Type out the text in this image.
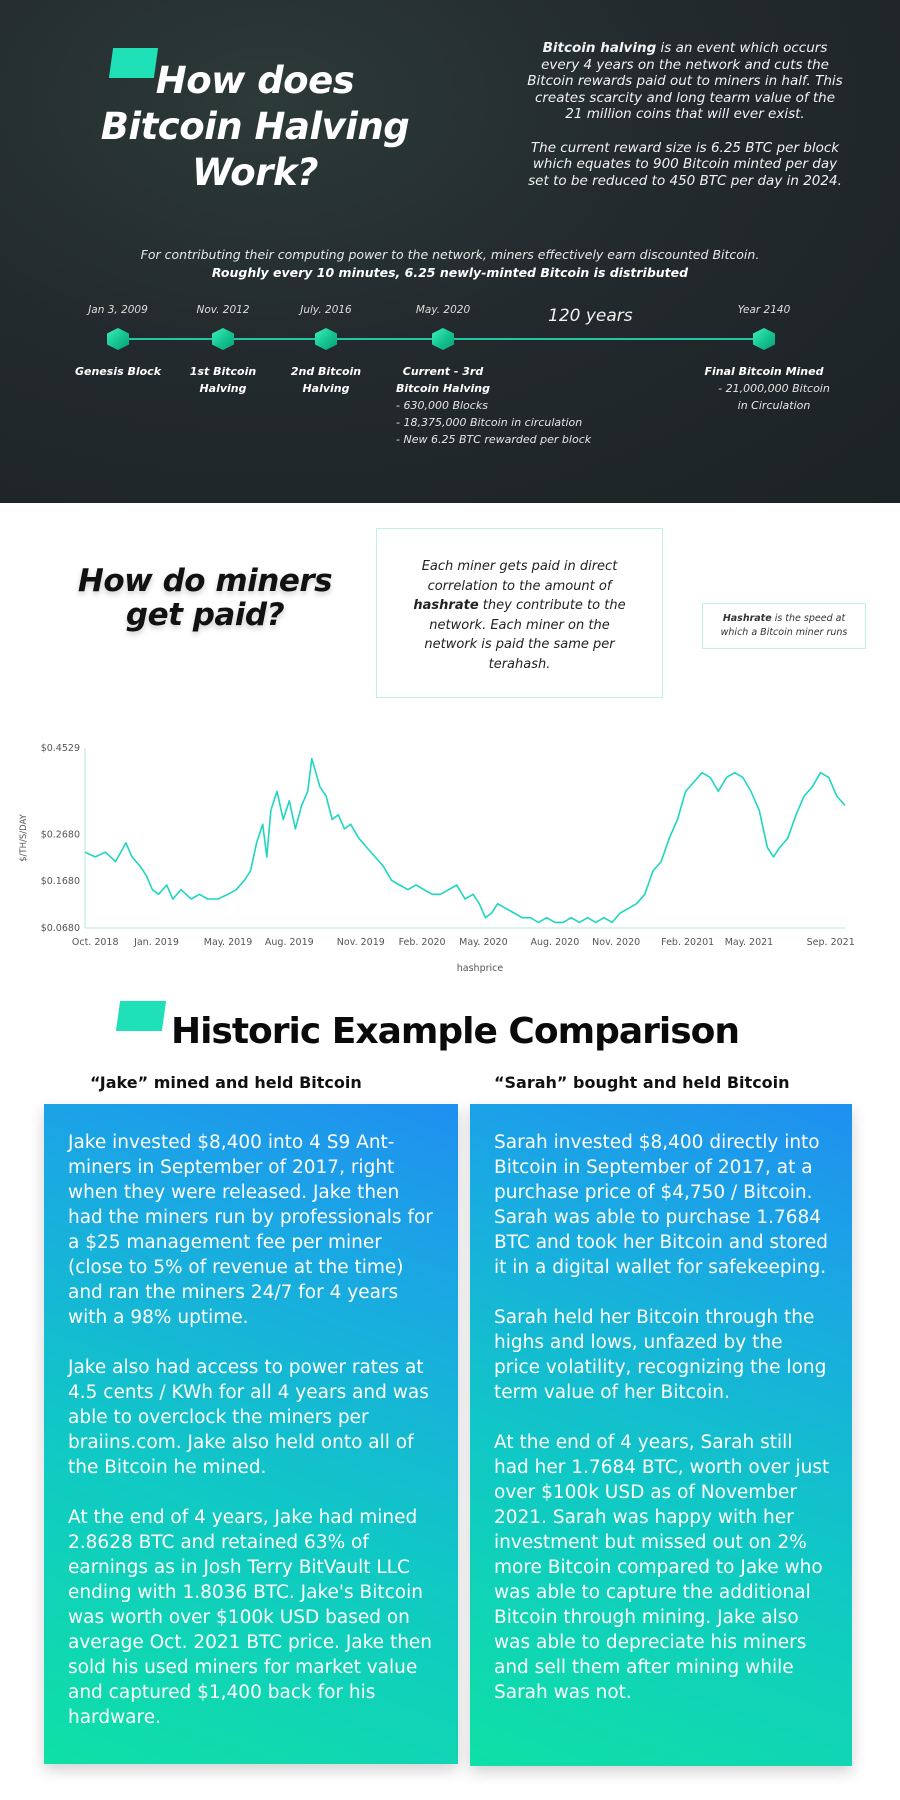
How does
Bitcoin Halving
Work?

Bitcoin halving is an event which occurs every 4 years on the network and cuts the Bitcoin rewards paid out to miners in half. This creates scarcity and long tearm value of the 21 million coins that will ever exist.

The current reward size is 6.25 BTC per block which equates to 900 Bitcoin minted per day set to be reduced to 450 BTC per day in 2024.

For contributing their computing power to the network, miners effectively earn discounted Bitcoin.
Roughly every 10 minutes, 6.25 newly-minted Bitcoin is distributed
120 years
Jan 3, 2009
Genesis Block
Nov. 2012
1st Bitcoin Halving
July. 2016
2nd Bitcoin Halving
May. 2020
Current - 3rd Bitcoin Halving
- 630,000 Blocks
- 18,375,000 Bitcoin in circulation
- New 6.25 BTC rewarded per block
Year 2140
Final Bitcoin Mined
- 21,000,000 Bitcoin
in Circulation
How do miners
get paid?
Each miner gets paid in direct correlation to the amount of hashrate they contribute to the network. Each miner on the network is paid the same per terahash.
Hashrate is the speed at which a Bitcoin miner runs
$0.4529
$0.2680
$0.1680
$0.0680
Oct. 2018 Jan. 2019	May. 2019 Aug. 2019 Nov. 2019 Feb. 2020 May. 2020 Aug. 2020 Nov. 2020 Feb. 20201 May. 2021	Sep. 2021
$/TH/S/DAY
hashprice
Historic Example Comparison
“Jake” mined and held Bitcoin	“Sarah” bought and held Bitcoin

Jake invested $8,400 into 4 S9 Ant-miners in September of 2017, right when they were released. Jake then had the miners run by professionals for a $25 management fee per miner (close to 5% of revenue at the time) and ran the miners 24/7 for 4 years with a 98% uptime.

Jake also had access to power rates at 4.5 cents / KWh for all 4 years and was able to overclock the miners per braiins.com. Jake also held onto all of the Bitcoin he mined.

At the end of 4 years, Jake had mined 2.8628 BTC and retained 63% of earnings as in Josh Terry BitVault LLC ending with 1.8036 BTC. Jake's Bitcoin was worth over $100k USD based on average Oct. 2021 BTC price. Jake then sold his used miners for market value and captured $1,400 back for his hardware.

Sarah invested $8,400 directly into Bitcoin in September of 2017, at a purchase price of $4,750 / Bitcoin. Sarah was able to purchase 1.7684 BTC and took her Bitcoin and stored it in a digital wallet for safekeeping.

Sarah held her Bitcoin through the highs and lows, unfazed by the price volatility, recognizing the long term value of her Bitcoin.

At the end of 4 years, Sarah still had her 1.7684 BTC, worth over just over $100k USD as of November 2021. Sarah was happy with her investment but missed out on 2% more Bitcoin compared to Jake who was able to capture the additional Bitcoin through mining. Jake also was able to depreciate his miners and sell them after mining while Sarah was not.
